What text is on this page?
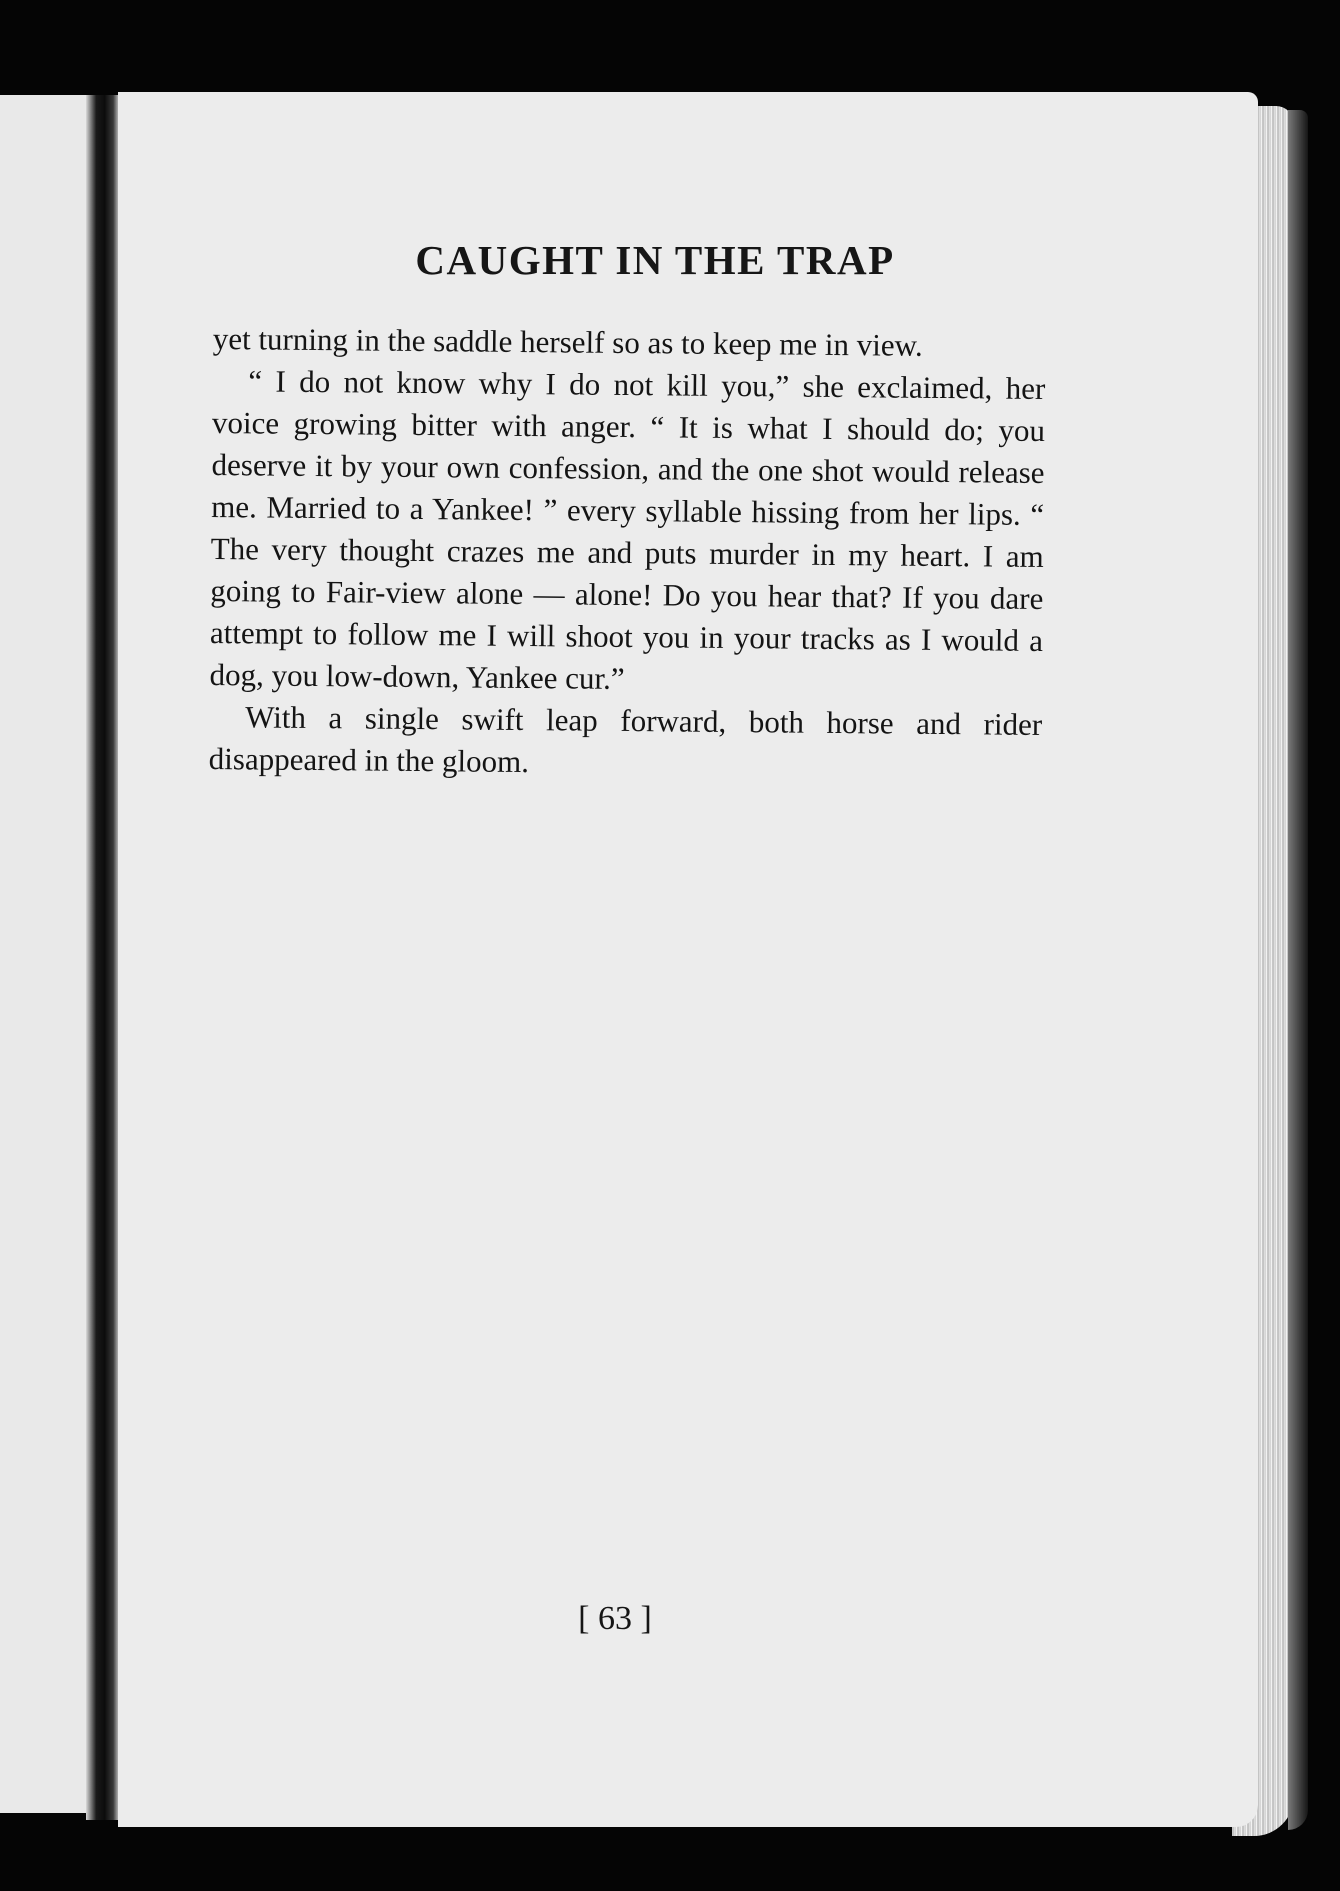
CAUGHT IN THE TRAP

yet turning in the saddle herself so as to keep me in view.

“ I do not know why I do not kill you,” she exclaimed, her voice growing bitter with anger. “ It is what I should do; you deserve it by your own confession, and the one shot would release me. Married to a Yankee! ” every syllable hissing from her lips. “ The very thought crazes me and puts murder in my heart. I am going to Fair-view alone — alone! Do you hear that? If you dare attempt to follow me I will shoot you in your tracks as I would a dog, you low-down, Yankee cur.”

With a single swift leap forward, both horse and rider disappeared in the gloom.

[ 63 ]
